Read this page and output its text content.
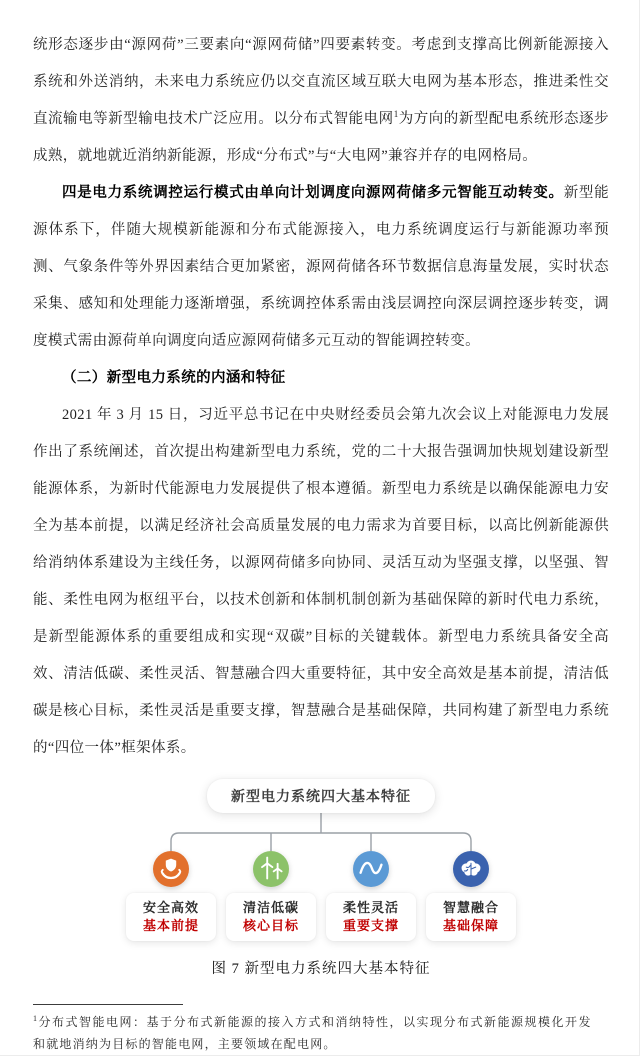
统形态逐步由“源网荷”三要素向“源网荷储”四要素转变。考虑到支撑高比例新能源接入系统和外送消纳，未来电力系统应仍以交直流区域互联大电网为基本形态，推进柔性交直流输电等新型输电技术广泛应用。以分布式智能电网$^1$为方向的新型配电系统形态逐步成熟，就地就近消纳新能源，形成“分布式”与“大电网”兼容并存的电网格局。

四是电力系统调控运行模式由单向计划调度向源网荷储多元智能互动转变。新型能源体系下，伴随大规模新能源和分布式能源接入，电力系统调度运行与新能源功率预测、气象条件等外界因素结合更加紧密，源网荷储各环节数据信息海量发展，实时状态采集、感知和处理能力逐渐增强，系统调控体系需由浅层调控向深层调控逐步转变，调度模式需由源荷单向调度向适应源网荷储多元互动的智能调控转变。

（二）新型电力系统的内涵和特征

2021 年 3 月 15 日，习近平总书记在中央财经委员会第九次会议上对能源电力发展作出了系统阐述，首次提出构建新型电力系统，党的二十大报告强调加快规划建设新型能源体系，为新时代能源电力发展提供了根本遵循。新型电力系统是以确保能源电力安全为基本前提，以满足经济社会高质量发展的电力需求为首要目标，以高比例新能源供给消纳体系建设为主线任务，以源网荷储多向协同、灵活互动为坚强支撑，以坚强、智能、柔性电网为枢纽平台，以技术创新和体制机制创新为基础保障的新时代电力系统，是新型能源体系的重要组成和实现“双碳”目标的关键载体。新型电力系统具备安全高效、清洁低碳、柔性灵活、智慧融合四大重要特征，其中安全高效是基本前提，清洁低碳是核心目标，柔性灵活是重要支撑，智慧融合是基础保障，共同构建了新型电力系统的“四位一体”框架体系。

新型电力系统四大基本特征
安全高效
基本前提
清洁低碳
核心目标
柔性灵活
重要支撑
智慧融合
基础保障
图 7 新型电力系统四大基本特征

$^1$分布式智能电网：基于分布式新能源的接入方式和消纳特性，以实现分布式新能源规模化开发和就地消纳为目标的智能电网，主要领域在配电网。
